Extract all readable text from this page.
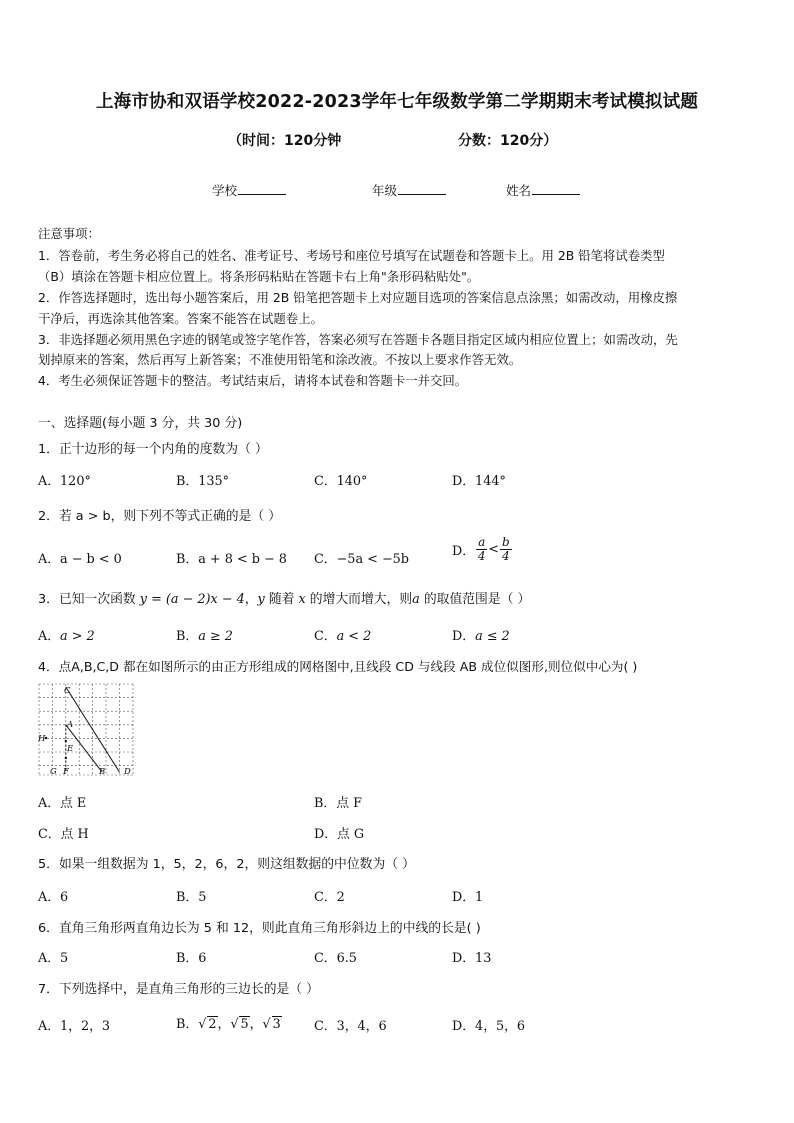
上海市协和双语学校2022-2023学年七年级数学第二学期期末考试模拟试题
（时间：120分钟	分数：120分）
学校	年级	姓名
注意事项：
1．答卷前，考生务必将自己的姓名、准考证号、考场号和座位号填写在试题卷和答题卡上。用 2B 铅笔将试卷类型
（B）填涂在答题卡相应位置上。将条形码粘贴在答题卡右上角"条形码粘贴处"。
2．作答选择题时，选出每小题答案后，用 2B 铅笔把答题卡上对应题目选项的答案信息点涂黑；如需改动，用橡皮擦
干净后，再选涂其他答案。答案不能答在试题卷上。
3．非选择题必须用黑色字迹的钢笔或签字笔作答，答案必须写在答题卡各题目指定区域内相应位置上；如需改动，先
划掉原来的答案，然后再写上新答案；不准使用铅笔和涂改液。不按以上要求作答无效。
4．考生必须保证答题卡的整洁。考试结束后，请将本试卷和答题卡一并交回。
一、选择题(每小题 3 分，共 30 分)
1．正十边形的每一个内角的度数为（ ）
A．120°	B．135°	C．140°	D．144°
2．若 a > b，则下列不等式正确的是（ ）
A．a − b < 0	B．a + 8 < b − 8 C．−5a < −5b
D． $\frac{a}{4} < \frac{b}{4}$
3．已知一次函数 y = (a − 2)x − 4，y 随着 x 的增大而增大，则a 的取值范围是（ ）
A．a > 2	B．a ≥ 2	C．a < 2	D．a ≤ 2
4．点A,B,C,D 都在如图所示的由正方形组成的网格图中,且线段 CD 与线段 AB 成位似图形,则位似中心为( )
C
A
H
E
G F	B D
A．点 E	B．点 F
C．点 H	D．点 G
5．如果一组数据为 1，5，2，6，2，则这组数据的中位数为（ ）
A．6	B．5	C．2	D．1
6．直角三角形两直角边长为 5 和 12，则此直角三角形斜边上的中线的长是( )
A．5	B．6	C．6.5	D．13
7．下列选择中，是直角三角形的三边长的是（ ）
A．1，2，3	B．√ 2，√ 5，√ 3	C．3，4，6	D．4，5，6
